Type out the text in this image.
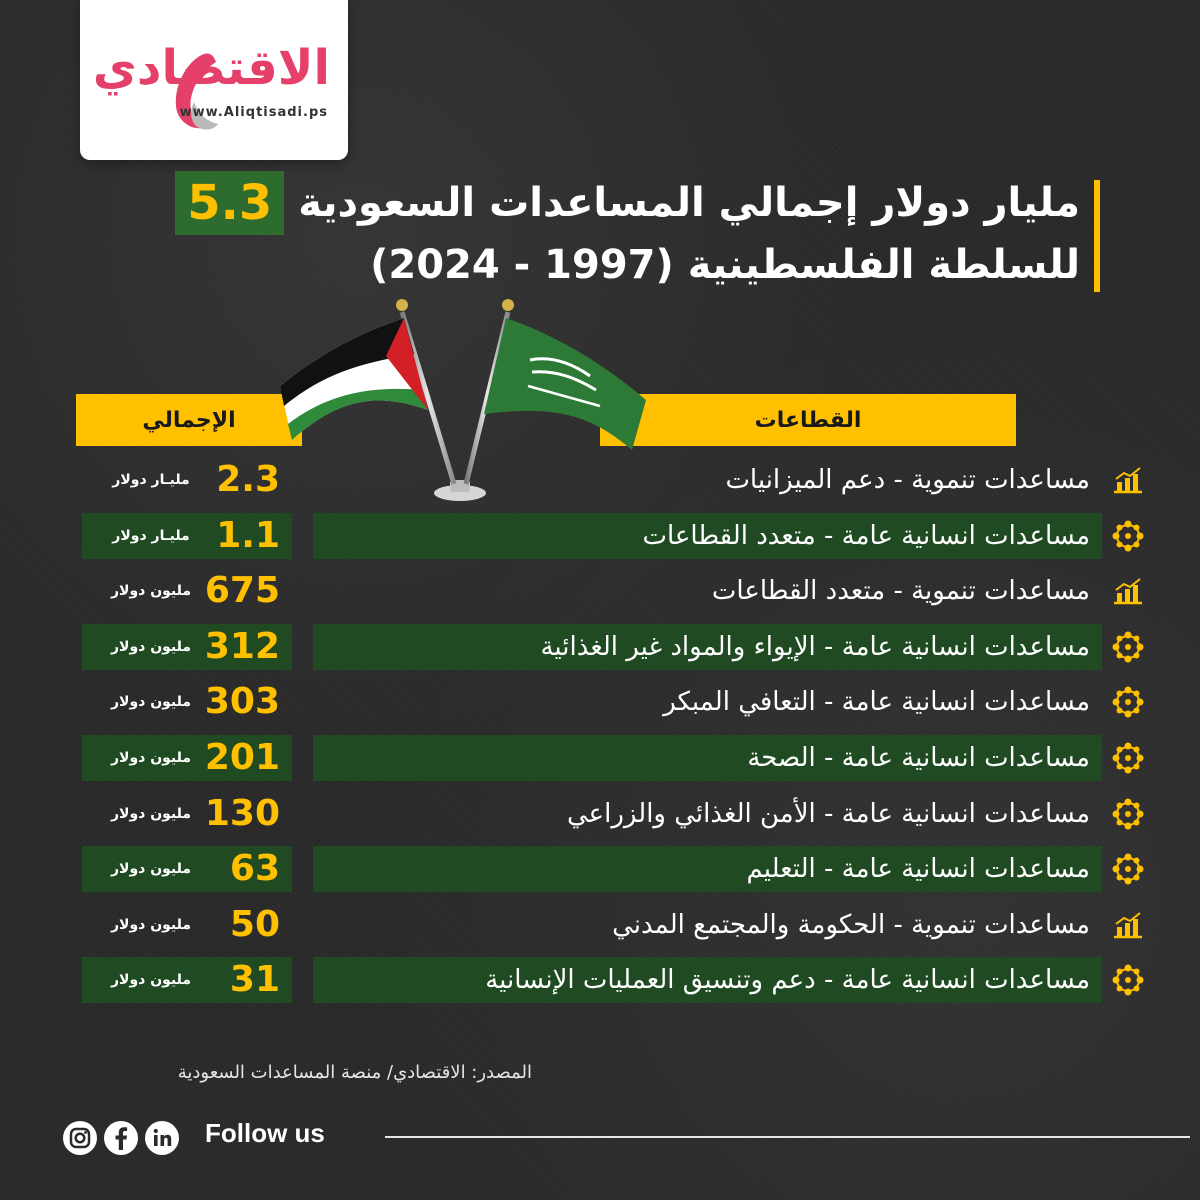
الاقتصادي
www.Aliqtisadi.ps
5.3 مليار دولار إجمالي المساعدات السعودية
للسلطة الفلسطينية (1997 - 2024)
القطاعات
الإجمالي
مساعدات تنموية - دعم الميزانيات
2.3
مليـار دولار
مساعدات انسانية عامة - متعدد القطاعات
1.1
مليـار دولار
مساعدات تنموية - متعدد القطاعات
675
مليون دولار
مساعدات انسانية عامة - الإيواء والمواد غير الغذائية
312
مليون دولار
مساعدات انسانية عامة - التعافي المبكر
303
مليون دولار
مساعدات انسانية عامة - الصحة
201
مليون دولار
مساعدات انسانية عامة - الأمن الغذائي والزراعي
130
مليون دولار
مساعدات انسانية عامة - التعليم
63
مليون دولار
مساعدات تنموية - الحكومة والمجتمع المدني
50
مليون دولار
مساعدات انسانية عامة - دعم وتنسيق العمليات الإنسانية
31
مليون دولار
المصدر: الاقتصادي/ منصة المساعدات السعودية
Follow us
